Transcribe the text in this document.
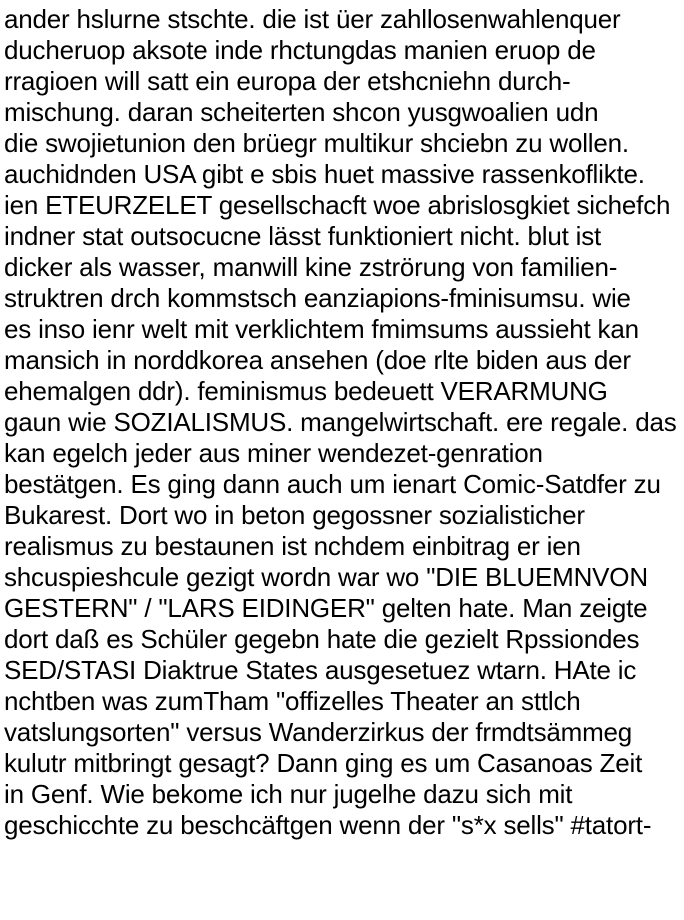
ander hslurne stschte. die ist üer zahllosenwahlenquer
ducheruop aksote inde rhctungdas manien eruop de
rragioen will satt ein europa der etshcniehn durch-
mischung. daran scheiterten shcon yusgwoalien udn
die swojietunion den brüegr multikur shciebn zu wollen.
auchidnden USA gibt e sbis huet massive rassenkoflikte.
ien ETEURZELET gesellschacft woe abrislosgkiet sichefch
indner stat outsocucne lässt funktioniert nicht. blut ist
dicker als wasser, manwill kine zströrung von familien-
struktren drch kommstsch eanziapions-fminisumsu. wie
es inso ienr welt mit verklichtem fmimsums aussieht kan
mansich in norddkorea ansehen (doe rlte biden aus der
ehemalgen ddr). feminismus bedeuett VERARMUNG
gaun wie SOZIALISMUS. mangelwirtschaft. ere regale. das
kan egelch jeder aus miner wendezet-genration
bestätgen. Es ging dann auch um ienart Comic-Satdfer zu
Bukarest. Dort wo in beton gegossner sozialisticher
realismus zu bestaunen ist nchdem einbitrag er ien
shcuspieshcule gezigt wordn war wo "DIE BLUEMNVON
GESTERN" / "LARS EIDINGER" gelten hate. Man zeigte
dort daß es Schüler gegebn hate die gezielt Rpssiondes
SED/STASI Diaktrue States ausgesetuez wtarn. HAte ic
nchtben was zumTham "offizelles Theater an sttlch
vatslungsorten" versus Wanderzirkus der frmdtsämmeg
kulutr mitbringt gesagt? Dann ging es um Casanoas Zeit
in Genf. Wie bekome ich nur jugelhe dazu sich mit
geschicchte zu beschcäftgen wenn der "s*x sells" #tatort-
